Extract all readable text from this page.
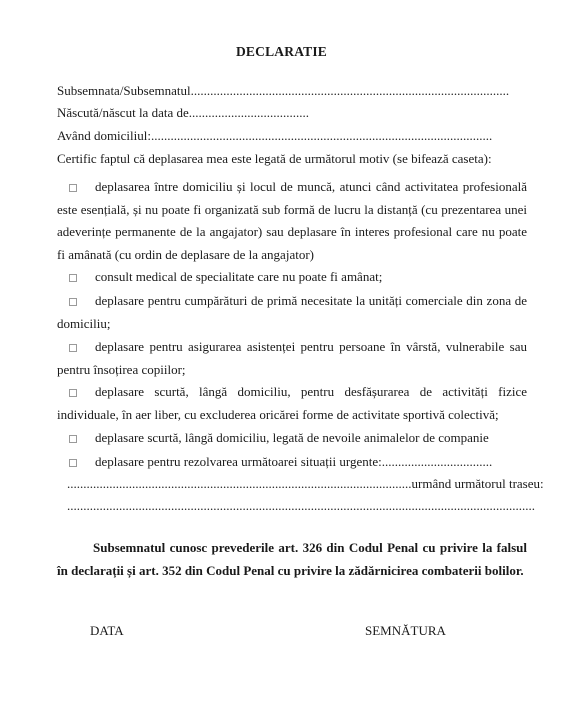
DECLARATIE
Subsemnata/Subsemnatul..................................................................................................
Născută/născut la data de.....................................
Având domiciliul:.........................................................................................................
Certific faptul că deplasarea mea este legată de următorul motiv (se bifează caseta):
deplasarea între domiciliu și locul de muncă, atunci când activitatea profesională este esențială, și nu poate fi organizată sub formă de lucru la distanță (cu prezentarea unei adeverințe permanente de la angajator) sau deplasare în interes profesional care nu poate fi amânată (cu ordin de deplasare de la angajator)
consult medical de specialitate care nu poate fi amânat;
deplasare pentru cumpărături de primă necesitate la unități comerciale din zona de domiciliu;
deplasare pentru asigurarea asistenței pentru persoane în vârstă, vulnerabile sau pentru însoțirea copiilor;
deplasare scurtă, lângă domiciliu, pentru desfășurarea de activități fizice individuale, în aer liber, cu excluderea oricărei forme de activitate sportivă colectivă;
deplasare scurtă, lângă domiciliu, legată de nevoile animalelor de companie
deplasare pentru rezolvarea următoarei situații urgente:..................................
..........................................................................................................urmând următorul traseu:
................................................................................................................................................
Subsemnatul cunosc prevederile art. 326 din Codul Penal cu privire la falsul în declarații și art. 352 din Codul Penal cu privire la zădărnicirea combaterii bolilor.
DATA	SEMNĂTURA
